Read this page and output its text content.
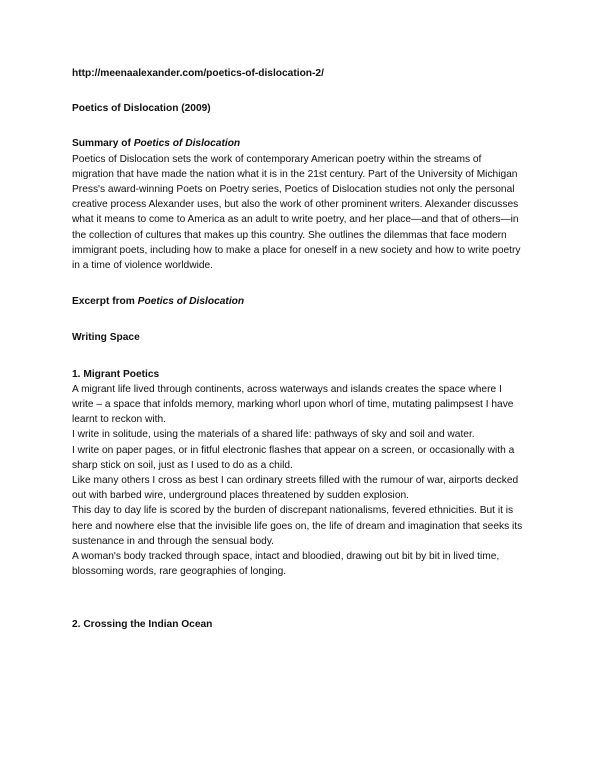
http://meenaalexander.com/poetics-of-dislocation-2/

Poetics of Dislocation (2009)

Summary of Poetics of Dislocation

Poetics of Dislocation sets the work of contemporary American poetry within the streams of
migration that have made the nation what it is in the 21st century. Part of the University of Michigan
Press's award-winning Poets on Poetry series, Poetics of Dislocation studies not only the personal
creative process Alexander uses, but also the work of other prominent writers. Alexander discusses
what it means to come to America as an adult to write poetry, and her place—and that of others—in
the collection of cultures that makes up this country. She outlines the dilemmas that face modern
immigrant poets, including how to make a place for oneself in a new society and how to write poetry
in a time of violence worldwide.

Excerpt from Poetics of Dislocation

Writing Space

1. Migrant Poetics

A migrant life lived through continents, across waterways and islands creates the space where I
write – a space that infolds memory, marking whorl upon whorl of time, mutating palimpsest I have
learnt to reckon with.
I write in solitude, using the materials of a shared life: pathways of sky and soil and water.
I write on paper pages, or in fitful electronic flashes that appear on a screen, or occasionally with a
sharp stick on soil, just as I used to do as a child.
Like many others I cross as best I can ordinary streets filled with the rumour of war, airports decked
out with barbed wire, underground places threatened by sudden explosion.
This day to day life is scored by the burden of discrepant nationalisms, fevered ethnicities. But it is
here and nowhere else that the invisible life goes on, the life of dream and imagination that seeks its
sustenance in and through the sensual body.
A woman's body tracked through space, intact and bloodied, drawing out bit by bit in lived time,
blossoming words, rare geographies of longing.

2. Crossing the Indian Ocean
